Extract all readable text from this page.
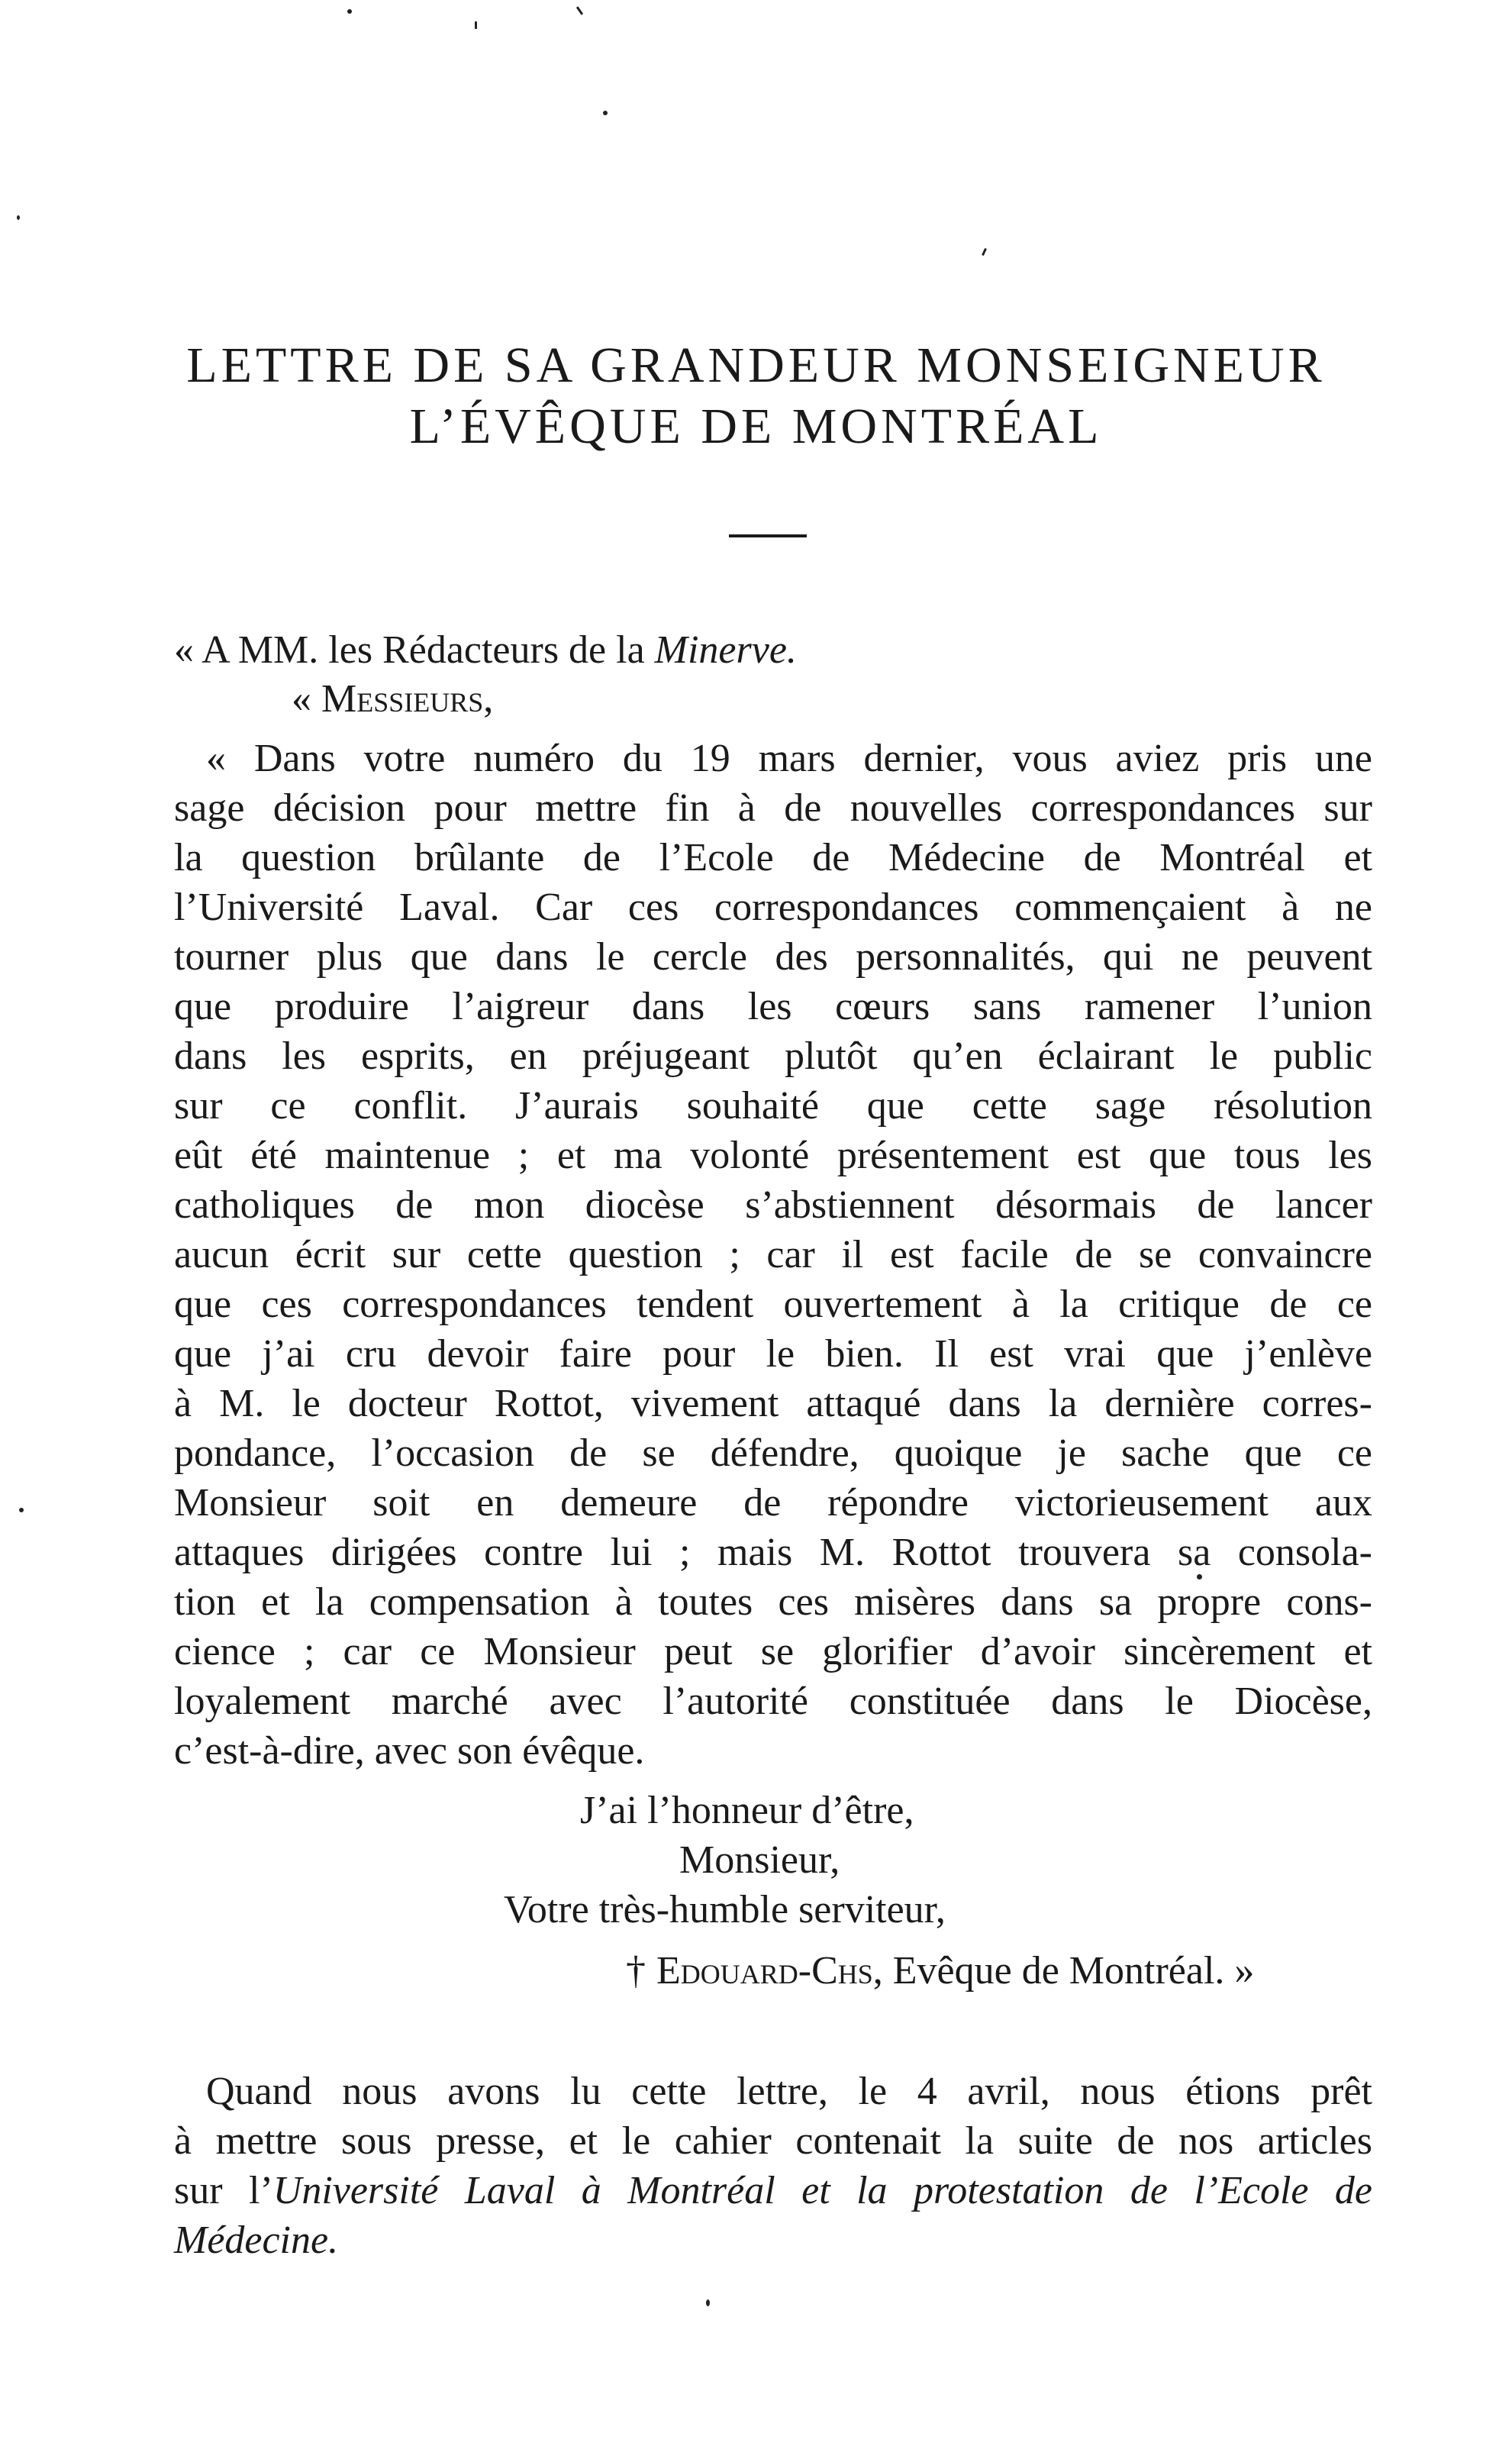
LETTRE DE SA GRANDEUR MONSEIGNEUR
L’ÉVÊQUE DE MONTRÉAL

« A MM. les Rédacteurs de la Minerve.

« Messieurs,

« Dans votre numéro du 19 mars dernier, vous aviez pris une

sage décision pour mettre fin à de nouvelles correspondances sur

la question brûlante de l’Ecole de Médecine de Montréal et

l’Université Laval. Car ces correspondances commençaient à ne

tourner plus que dans le cercle des personnalités, qui ne peuvent

que produire l’aigreur dans les cœurs sans ramener l’union

dans les esprits, en préjugeant plutôt qu’en éclairant le public

sur ce conflit. J’aurais souhaité que cette sage résolution

eût été maintenue ; et ma volonté présentement est que tous les

catholiques de mon diocèse s’abstiennent désormais de lancer

aucun écrit sur cette question ; car il est facile de se convaincre

que ces correspondances tendent ouvertement à la critique de ce

que j’ai cru devoir faire pour le bien. Il est vrai que j’enlève

à M. le docteur Rottot, vivement attaqué dans la dernière corres-

pondance, l’occasion de se défendre, quoique je sache que ce

Monsieur soit en demeure de répondre victorieusement aux

attaques dirigées contre lui ; mais M. Rottot trouvera sa consola-

tion et la compensation à toutes ces misères dans sa propre cons-

cience ; car ce Monsieur peut se glorifier d’avoir sincèrement et

loyalement marché avec l’autorité constituée dans le Diocèse,

c’est-à-dire, avec son évêque.

J’ai l’honneur d’être,

Monsieur,

Votre très-humble serviteur,

† Edouard-Chs, Evêque de Montréal. »

Quand nous avons lu cette lettre, le 4 avril, nous étions prêt

à mettre sous presse, et le cahier contenait la suite de nos articles

sur l’Université Laval à Montréal et la protestation de l’Ecole de

Médecine.
